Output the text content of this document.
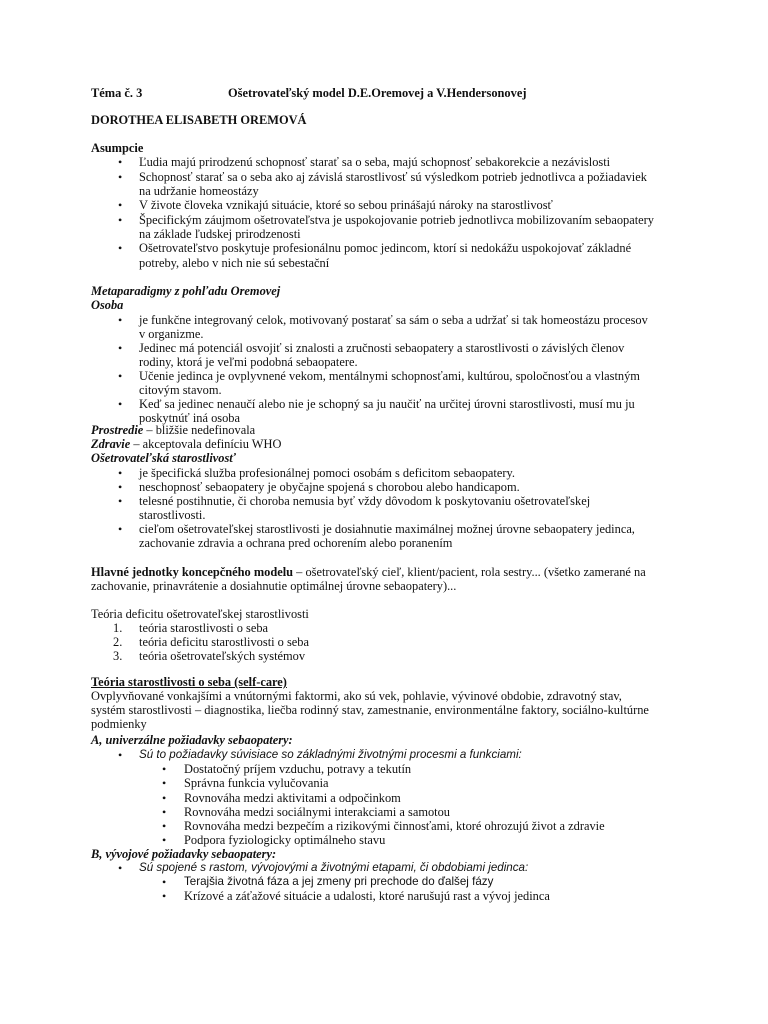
Téma č. 3	Ošetrovateľský model D.E.Oremovej a V.Hendersonovej
DOROTHEA ELISABETH OREMOVÁ
Asumpcie
• Ľudia majú prirodzenú schopnosť starať sa o seba, majú schopnosť sebakorekcie a nezávislosti
• Schopnosť starať sa o seba ako aj závislá starostlivosť sú výsledkom potrieb jednotlivca a požiadaviek
na udržanie homeostázy
• V živote človeka vznikajú situácie, ktoré so sebou prinášajú nároky na starostlivosť
• Špecifickým záujmom ošetrovateľstva je uspokojovanie potrieb jednotlivca mobilizovaním sebaopatery
na základe ľudskej prirodzenosti
• Ošetrovateľstvo poskytuje profesionálnu pomoc jedincom, ktorí si nedokážu uspokojovať základné
potreby, alebo v nich nie sú sebestační
Metaparadigmy z pohľadu Oremovej
Osoba
• je funkčne integrovaný celok, motivovaný postarať sa sám o seba a udržať si tak homeostázu procesov
v organizme.
• Jedinec má potenciál osvojiť si znalosti a zručnosti sebaopatery a starostlivosti o závislých členov
rodiny, ktorá je veľmi podobná sebaopatere.
• Učenie jedinca je ovplyvnené vekom, mentálnymi schopnosťami, kultúrou, spoločnosťou a vlastným
citovým stavom.
• Keď sa jedinec nenaučí alebo nie je schopný sa ju naučiť na určitej úrovni starostlivosti, musí mu ju
poskytnúť iná osoba
Prostredie – bližšie nedefinovala
Zdravie – akceptovala definíciu WHO
Ošetrovateľská starostlivosť
• je špecifická služba profesionálnej pomoci osobám s deficitom sebaopatery.
• neschopnosť sebaopatery je obyčajne spojená s chorobou alebo handicapom.
• telesné postihnutie, či choroba nemusia byť vždy dôvodom k poskytovaniu ošetrovateľskej
starostlivosti.
• cieľom ošetrovateľskej starostlivosti je dosiahnutie maximálnej možnej úrovne sebaopatery jedinca,
zachovanie zdravia a ochrana pred ochorením alebo poranením
Hlavné jednotky koncepčného modelu – ošetrovateľský cieľ, klient/pacient, rola sestry... (všetko zamerané na
zachovanie, prinavrátenie a dosiahnutie optimálnej úrovne sebaopatery)...
Teória deficitu ošetrovateľskej starostlivosti
1. teória starostlivosti o seba
2. teória deficitu starostlivosti o seba
3. teória ošetrovateľských systémov
Teória starostlivosti o seba (self-care)
Ovplyvňované vonkajšími a vnútornými faktormi, ako sú vek, pohlavie, vývinové obdobie, zdravotný stav,
systém starostlivosti – diagnostika, liečba rodinný stav, zamestnanie, environmentálne faktory, sociálno-kultúrne
podmienky
A, univerzálne požiadavky sebaopatery:
• Sú to požiadavky súvisiace so základnými životnými procesmi a funkciami:
• Dostatočný príjem vzduchu, potravy a tekutín
• Správna funkcia vylučovania
• Rovnováha medzi aktivitami a odpočinkom
• Rovnováha medzi sociálnymi interakciami a samotou
• Rovnováha medzi bezpečím a rizikovými činnosťami, ktoré ohrozujú život a zdravie
• Podpora fyziologicky optimálneho stavu
B, vývojové požiadavky sebaopatery:
• Sú spojené s rastom, vývojovými a životnými etapami, či obdobiami jedinca:
• Terajšia životná fáza a jej zmeny pri prechode do ďalšej fázy
• Krízové a záťažové situácie a udalosti, ktoré narušujú rast a vývoj jedinca
